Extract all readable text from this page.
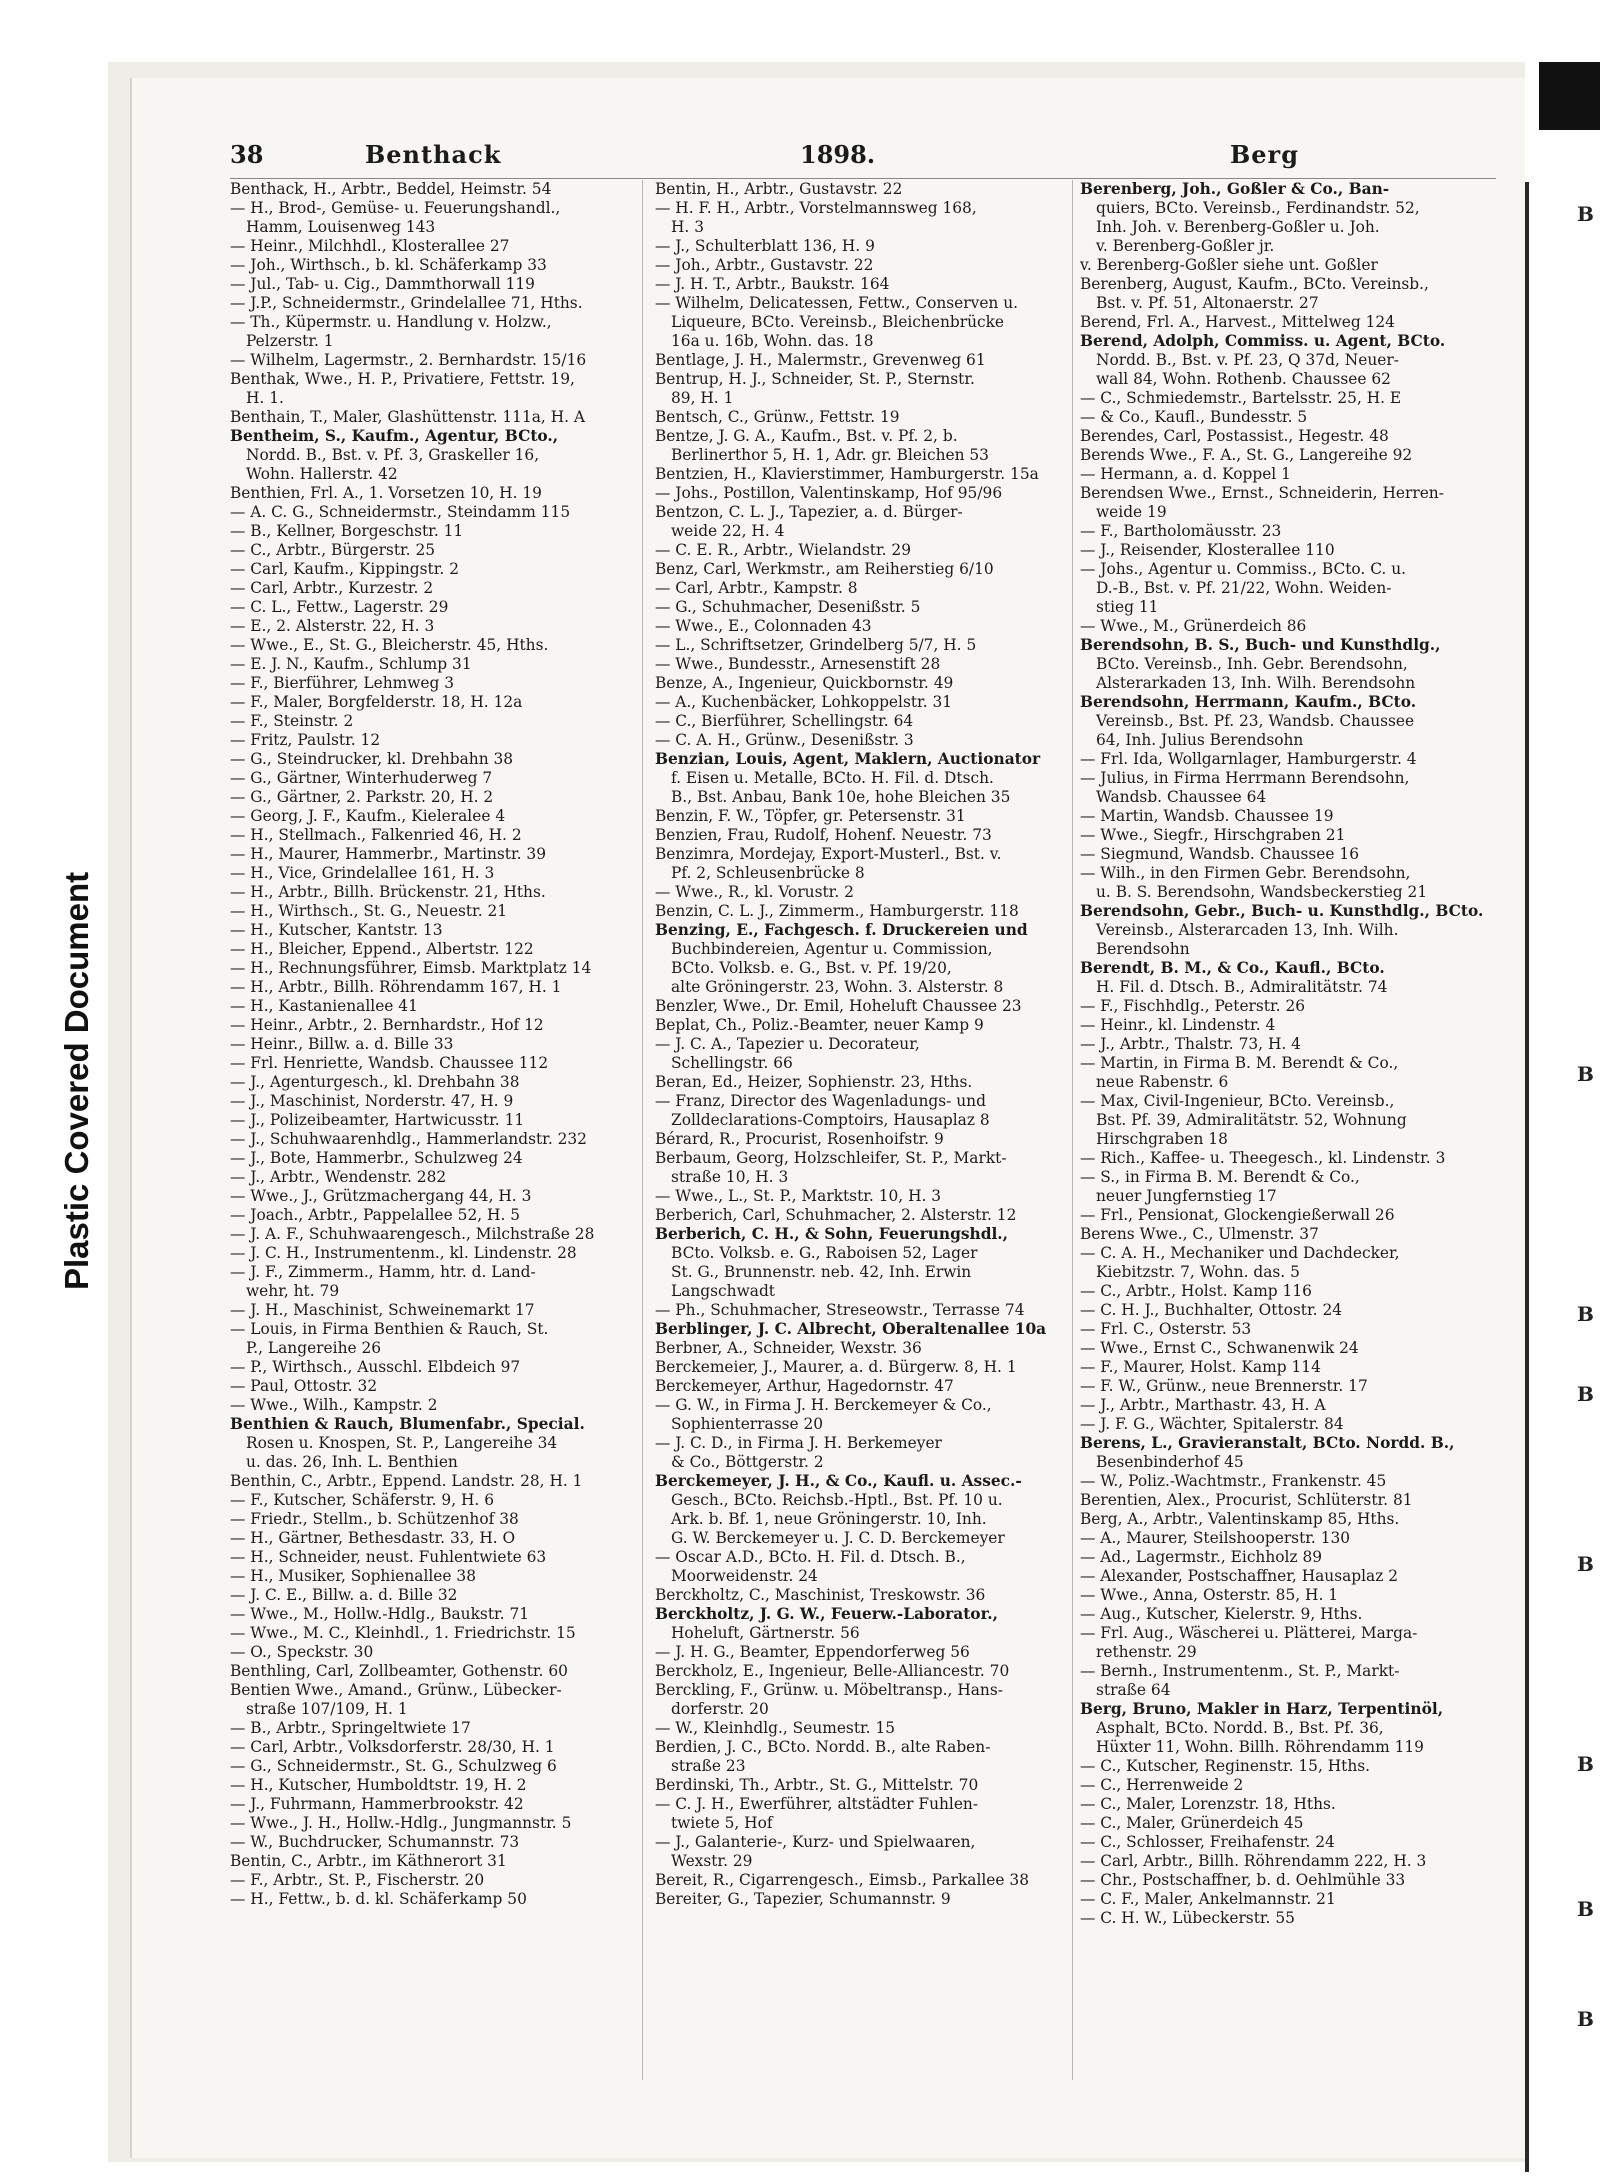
Plastic Covered Document
B
B
B
B
B
B
B
B
38	Benthack	1898.	Berg
Benthack, H., Arbtr., Beddel, Heimstr. 54
— H., Brod-, Gemüse- u. Feuerungshandl.,
Hamm, Louisenweg 143
— Heinr., Milchhdl., Klosterallee 27
— Joh., Wirthsch., b. kl. Schäferkamp 33
— Jul., Tab- u. Cig., Dammthorwall 119
— J.P., Schneidermstr., Grindelallee 71, Hths.
— Th., Küpermstr. u. Handlung v. Holzw.,
Pelzerstr. 1
— Wilhelm, Lagermstr., 2. Bernhardstr. 15/16
Benthak, Wwe., H. P., Privatiere, Fettstr. 19,
H. 1.
Benthain, T., Maler, Glashüttenstr. 111a, H. A
Bentheim, S., Kaufm., Agentur, BCto.,
Nordd. B., Bst. v. Pf. 3, Graskeller 16,
Wohn. Hallerstr. 42
Benthien, Frl. A., 1. Vorsetzen 10, H. 19
— A. C. G., Schneidermstr., Steindamm 115
— B., Kellner, Borgeschstr. 11
— C., Arbtr., Bürgerstr. 25
— Carl, Kaufm., Kippingstr. 2
— Carl, Arbtr., Kurzestr. 2
— C. L., Fettw., Lagerstr. 29
— E., 2. Alsterstr. 22, H. 3
— Wwe., E., St. G., Bleicherstr. 45, Hths.
— E. J. N., Kaufm., Schlump 31
— F., Bierführer, Lehmweg 3
— F., Maler, Borgfelderstr. 18, H. 12a
— F., Steinstr. 2
— Fritz, Paulstr. 12
— G., Steindrucker, kl. Drehbahn 38
— G., Gärtner, Winterhuderweg 7
— G., Gärtner, 2. Parkstr. 20, H. 2
— Georg, J. F., Kaufm., Kieleralee 4
— H., Stellmach., Falkenried 46, H. 2
— H., Maurer, Hammerbr., Martinstr. 39
— H., Vice, Grindelallee 161, H. 3
— H., Arbtr., Billh. Brückenstr. 21, Hths.
— H., Wirthsch., St. G., Neuestr. 21
— H., Kutscher, Kantstr. 13
— H., Bleicher, Eppend., Albertstr. 122
— H., Rechnungsführer, Eimsb. Marktplatz 14
— H., Arbtr., Billh. Röhrendamm 167, H. 1
— H., Kastanienallee 41
— Heinr., Arbtr., 2. Bernhardstr., Hof 12
— Heinr., Billw. a. d. Bille 33
— Frl. Henriette, Wandsb. Chaussee 112
— J., Agenturgesch., kl. Drehbahn 38
— J., Maschinist, Norderstr. 47, H. 9
— J., Polizeibeamter, Hartwicusstr. 11
— J., Schuhwaarenhdlg., Hammerlandstr. 232
— J., Bote, Hammerbr., Schulzweg 24
— J., Arbtr., Wendenstr. 282
— Wwe., J., Grützmachergang 44, H. 3
— Joach., Arbtr., Pappelallee 52, H. 5
— J. A. F., Schuhwaarengesch., Milchstraße 28
— J. C. H., Instrumentenm., kl. Lindenstr. 28
— J. F., Zimmerm., Hamm, htr. d. Land-
wehr, ht. 79
— J. H., Maschinist, Schweinemarkt 17
— Louis, in Firma Benthien & Rauch, St.
P., Langereihe 26
— P., Wirthsch., Ausschl. Elbdeich 97
— Paul, Ottostr. 32
— Wwe., Wilh., Kampstr. 2
Benthien & Rauch, Blumenfabr., Special.
Rosen u. Knospen, St. P., Langereihe 34
u. das. 26, Inh. L. Benthien
Benthin, C., Arbtr., Eppend. Landstr. 28, H. 1
— F., Kutscher, Schäferstr. 9, H. 6
— Friedr., Stellm., b. Schützenhof 38
— H., Gärtner, Bethesdastr. 33, H. O
— H., Schneider, neust. Fuhlentwiete 63
— H., Musiker, Sophienallee 38
— J. C. E., Billw. a. d. Bille 32
— Wwe., M., Hollw.-Hdlg., Baukstr. 71
— Wwe., M. C., Kleinhdl., 1. Friedrichstr. 15
— O., Speckstr. 30
Benthling, Carl, Zollbeamter, Gothenstr. 60
Bentien Wwe., Amand., Grünw., Lübecker-
straße 107/109, H. 1
— B., Arbtr., Springeltwiete 17
— Carl, Arbtr., Volksdorferstr. 28/30, H. 1
— G., Schneidermstr., St. G., Schulzweg 6
— H., Kutscher, Humboldtstr. 19, H. 2
— J., Fuhrmann, Hammerbrookstr. 42
— Wwe., J. H., Hollw.-Hdlg., Jungmannstr. 5
— W., Buchdrucker, Schumannstr. 73
Bentin, C., Arbtr., im Käthnerort 31
— F., Arbtr., St. P., Fischerstr. 20
— H., Fettw., b. d. kl. Schäferkamp 50
Bentin, H., Arbtr., Gustavstr. 22
— H. F. H., Arbtr., Vorstelmannsweg 168,
H. 3
— J., Schulterblatt 136, H. 9
— Joh., Arbtr., Gustavstr. 22
— J. H. T., Arbtr., Baukstr. 164
— Wilhelm, Delicatessen, Fettw., Conserven u.
Liqueure, BCto. Vereinsb., Bleichenbrücke
16a u. 16b, Wohn. das. 18
Bentlage, J. H., Malermstr., Grevenweg 61
Bentrup, H. J., Schneider, St. P., Sternstr.
89, H. 1
Bentsch, C., Grünw., Fettstr. 19
Bentze, J. G. A., Kaufm., Bst. v. Pf. 2, b.
Berlinerthor 5, H. 1, Adr. gr. Bleichen 53
Bentzien, H., Klavierstimmer, Hamburgerstr. 15a
— Johs., Postillon, Valentinskamp, Hof 95/96
Bentzon, C. L. J., Tapezier, a. d. Bürger-
weide 22, H. 4
— C. E. R., Arbtr., Wielandstr. 29
Benz, Carl, Werkmstr., am Reiherstieg 6/10
— Carl, Arbtr., Kampstr. 8
— G., Schuhmacher, Desenißstr. 5
— Wwe., E., Colonnaden 43
— L., Schriftsetzer, Grindelberg 5/7, H. 5
— Wwe., Bundesstr., Arnesenstift 28
Benze, A., Ingenieur, Quickbornstr. 49
— A., Kuchenbäcker, Lohkoppelstr. 31
— C., Bierführer, Schellingstr. 64
— C. A. H., Grünw., Desenißstr. 3
Benzian, Louis, Agent, Maklern, Auctionator
f. Eisen u. Metalle, BCto. H. Fil. d. Dtsch.
B., Bst. Anbau, Bank 10e, hohe Bleichen 35
Benzin, F. W., Töpfer, gr. Petersenstr. 31
Benzien, Frau, Rudolf, Hohenf. Neuestr. 73
Benzimra, Mordejay, Export-Musterl., Bst. v.
Pf. 2, Schleusenbrücke 8
— Wwe., R., kl. Vorustr. 2
Benzin, C. L. J., Zimmerm., Hamburgerstr. 118
Benzing, E., Fachgesch. f. Druckereien und
Buchbindereien, Agentur u. Commission,
BCto. Volksb. e. G., Bst. v. Pf. 19/20,
alte Gröningerstr. 23, Wohn. 3. Alsterstr. 8
Benzler, Wwe., Dr. Emil, Hoheluft Chaussee 23
Beplat, Ch., Poliz.-Beamter, neuer Kamp 9
— J. C. A., Tapezier u. Decorateur,
Schellingstr. 66
Beran, Ed., Heizer, Sophienstr. 23, Hths.
— Franz, Director des Wagenladungs- und
Zolldeclarations-Comptoirs, Hausaplaz 8
Bérard, R., Procurist, Rosenhoifstr. 9
Berbaum, Georg, Holzschleifer, St. P., Markt-
straße 10, H. 3
— Wwe., L., St. P., Marktstr. 10, H. 3
Berberich, Carl, Schuhmacher, 2. Alsterstr. 12
Berberich, C. H., & Sohn, Feuerungshdl.,
BCto. Volksb. e. G., Raboisen 52, Lager
St. G., Brunnenstr. neb. 42, Inh. Erwin
Langschwadt
— Ph., Schuhmacher, Streseowstr., Terrasse 74
Berblinger, J. C. Albrecht, Oberaltenallee 10a
Berbner, A., Schneider, Wexstr. 36
Berckemeier, J., Maurer, a. d. Bürgerw. 8, H. 1
Berckemeyer, Arthur, Hagedornstr. 47
— G. W., in Firma J. H. Berckemeyer & Co.,
Sophienterrasse 20
— J. C. D., in Firma J. H. Berkemeyer
& Co., Böttgerstr. 2
Berckemeyer, J. H., & Co., Kaufl. u. Assec.-
Gesch., BCto. Reichsb.-Hptl., Bst. Pf. 10 u.
Ark. b. Bf. 1, neue Gröningerstr. 10, Inh.
G. W. Berckemeyer u. J. C. D. Berckemeyer
— Oscar A.D., BCto. H. Fil. d. Dtsch. B.,
Moorweidenstr. 24
Berckholtz, C., Maschinist, Treskowstr. 36
Berckholtz, J. G. W., Feuerw.-Laborator.,
Hoheluft, Gärtnerstr. 56
— J. H. G., Beamter, Eppendorferweg 56
Berckholz, E., Ingenieur, Belle-Alliancestr. 70
Berckling, F., Grünw. u. Möbeltransp., Hans-
dorferstr. 20
— W., Kleinhdlg., Seumestr. 15
Berdien, J. C., BCto. Nordd. B., alte Raben-
straße 23
Berdinski, Th., Arbtr., St. G., Mittelstr. 70
— C. J. H., Ewerführer, altstädter Fuhlen-
twiete 5, Hof
— J., Galanterie-, Kurz- und Spielwaaren,
Wexstr. 29
Bereit, R., Cigarrengesch., Eimsb., Parkallee 38
Bereiter, G., Tapezier, Schumannstr. 9
Berenberg, Joh., Goßler & Co., Ban-
quiers, BCto. Vereinsb., Ferdinandstr. 52,
Inh. Joh. v. Berenberg-Goßler u. Joh.
v. Berenberg-Goßler jr.
v. Berenberg-Goßler siehe unt. Goßler
Berenberg, August, Kaufm., BCto. Vereinsb.,
Bst. v. Pf. 51, Altonaerstr. 27
Berend, Frl. A., Harvest., Mittelweg 124
Berend, Adolph, Commiss. u. Agent, BCto.
Nordd. B., Bst. v. Pf. 23, Q 37d, Neuer-
wall 84, Wohn. Rothenb. Chaussee 62
— C., Schmiedemstr., Bartelsstr. 25, H. E
— & Co., Kaufl., Bundesstr. 5
Berendes, Carl, Postassist., Hegestr. 48
Berends Wwe., F. A., St. G., Langereihe 92
— Hermann, a. d. Koppel 1
Berendsen Wwe., Ernst., Schneiderin, Herren-
weide 19
— F., Bartholomäusstr. 23
— J., Reisender, Klosterallee 110
— Johs., Agentur u. Commiss., BCto. C. u.
D.-B., Bst. v. Pf. 21/22, Wohn. Weiden-
stieg 11
— Wwe., M., Grünerdeich 86
Berendsohn, B. S., Buch- und Kunsthdlg.,
BCto. Vereinsb., Inh. Gebr. Berendsohn,
Alsterarkaden 13, Inh. Wilh. Berendsohn
Berendsohn, Herrmann, Kaufm., BCto.
Vereinsb., Bst. Pf. 23, Wandsb. Chaussee
64, Inh. Julius Berendsohn
— Frl. Ida, Wollgarnlager, Hamburgerstr. 4
— Julius, in Firma Herrmann Berendsohn,
Wandsb. Chaussee 64
— Martin, Wandsb. Chaussee 19
— Wwe., Siegfr., Hirschgraben 21
— Siegmund, Wandsb. Chaussee 16
— Wilh., in den Firmen Gebr. Berendsohn,
u. B. S. Berendsohn, Wandsbeckerstieg 21
Berendsohn, Gebr., Buch- u. Kunsthdlg., BCto.
Vereinsb., Alsterarcaden 13, Inh. Wilh.
Berendsohn
Berendt, B. M., & Co., Kaufl., BCto.
H. Fil. d. Dtsch. B., Admiralitätstr. 74
— F., Fischhdlg., Peterstr. 26
— Heinr., kl. Lindenstr. 4
— J., Arbtr., Thalstr. 73, H. 4
— Martin, in Firma B. M. Berendt & Co.,
neue Rabenstr. 6
— Max, Civil-Ingenieur, BCto. Vereinsb.,
Bst. Pf. 39, Admiralitätstr. 52, Wohnung
Hirschgraben 18
— Rich., Kaffee- u. Theegesch., kl. Lindenstr. 3
— S., in Firma B. M. Berendt & Co.,
neuer Jungfernstieg 17
— Frl., Pensionat, Glockengießerwall 26
Berens Wwe., C., Ulmenstr. 37
— C. A. H., Mechaniker und Dachdecker,
Kiebitzstr. 7, Wohn. das. 5
— C., Arbtr., Holst. Kamp 116
— C. H. J., Buchhalter, Ottostr. 24
— Frl. C., Osterstr. 53
— Wwe., Ernst C., Schwanenwik 24
— F., Maurer, Holst. Kamp 114
— F. W., Grünw., neue Brennerstr. 17
— J., Arbtr., Marthastr. 43, H. A
— J. F. G., Wächter, Spitalerstr. 84
Berens, L., Gravieranstalt, BCto. Nordd. B.,
Besenbinderhof 45
— W., Poliz.-Wachtmstr., Frankenstr. 45
Berentien, Alex., Procurist, Schlüterstr. 81
Berg, A., Arbtr., Valentinskamp 85, Hths.
— A., Maurer, Steilshooperstr. 130
— Ad., Lagermstr., Eichholz 89
— Alexander, Postschaffner, Hausaplaz 2
— Wwe., Anna, Osterstr. 85, H. 1
— Aug., Kutscher, Kielerstr. 9, Hths.
— Frl. Aug., Wäscherei u. Plätterei, Marga-
rethenstr. 29
— Bernh., Instrumentenm., St. P., Markt-
straße 64
Berg, Bruno, Makler in Harz, Terpentinöl,
Asphalt, BCto. Nordd. B., Bst. Pf. 36,
Hüxter 11, Wohn. Billh. Röhrendamm 119
— C., Kutscher, Reginenstr. 15, Hths.
— C., Herrenweide 2
— C., Maler, Lorenzstr. 18, Hths.
— C., Maler, Grünerdeich 45
— C., Schlosser, Freihafenstr. 24
— Carl, Arbtr., Billh. Röhrendamm 222, H. 3
— Chr., Postschaffner, b. d. Oehlmühle 33
— C. F., Maler, Ankelmannstr. 21
— C. H. W., Lübeckerstr. 55
